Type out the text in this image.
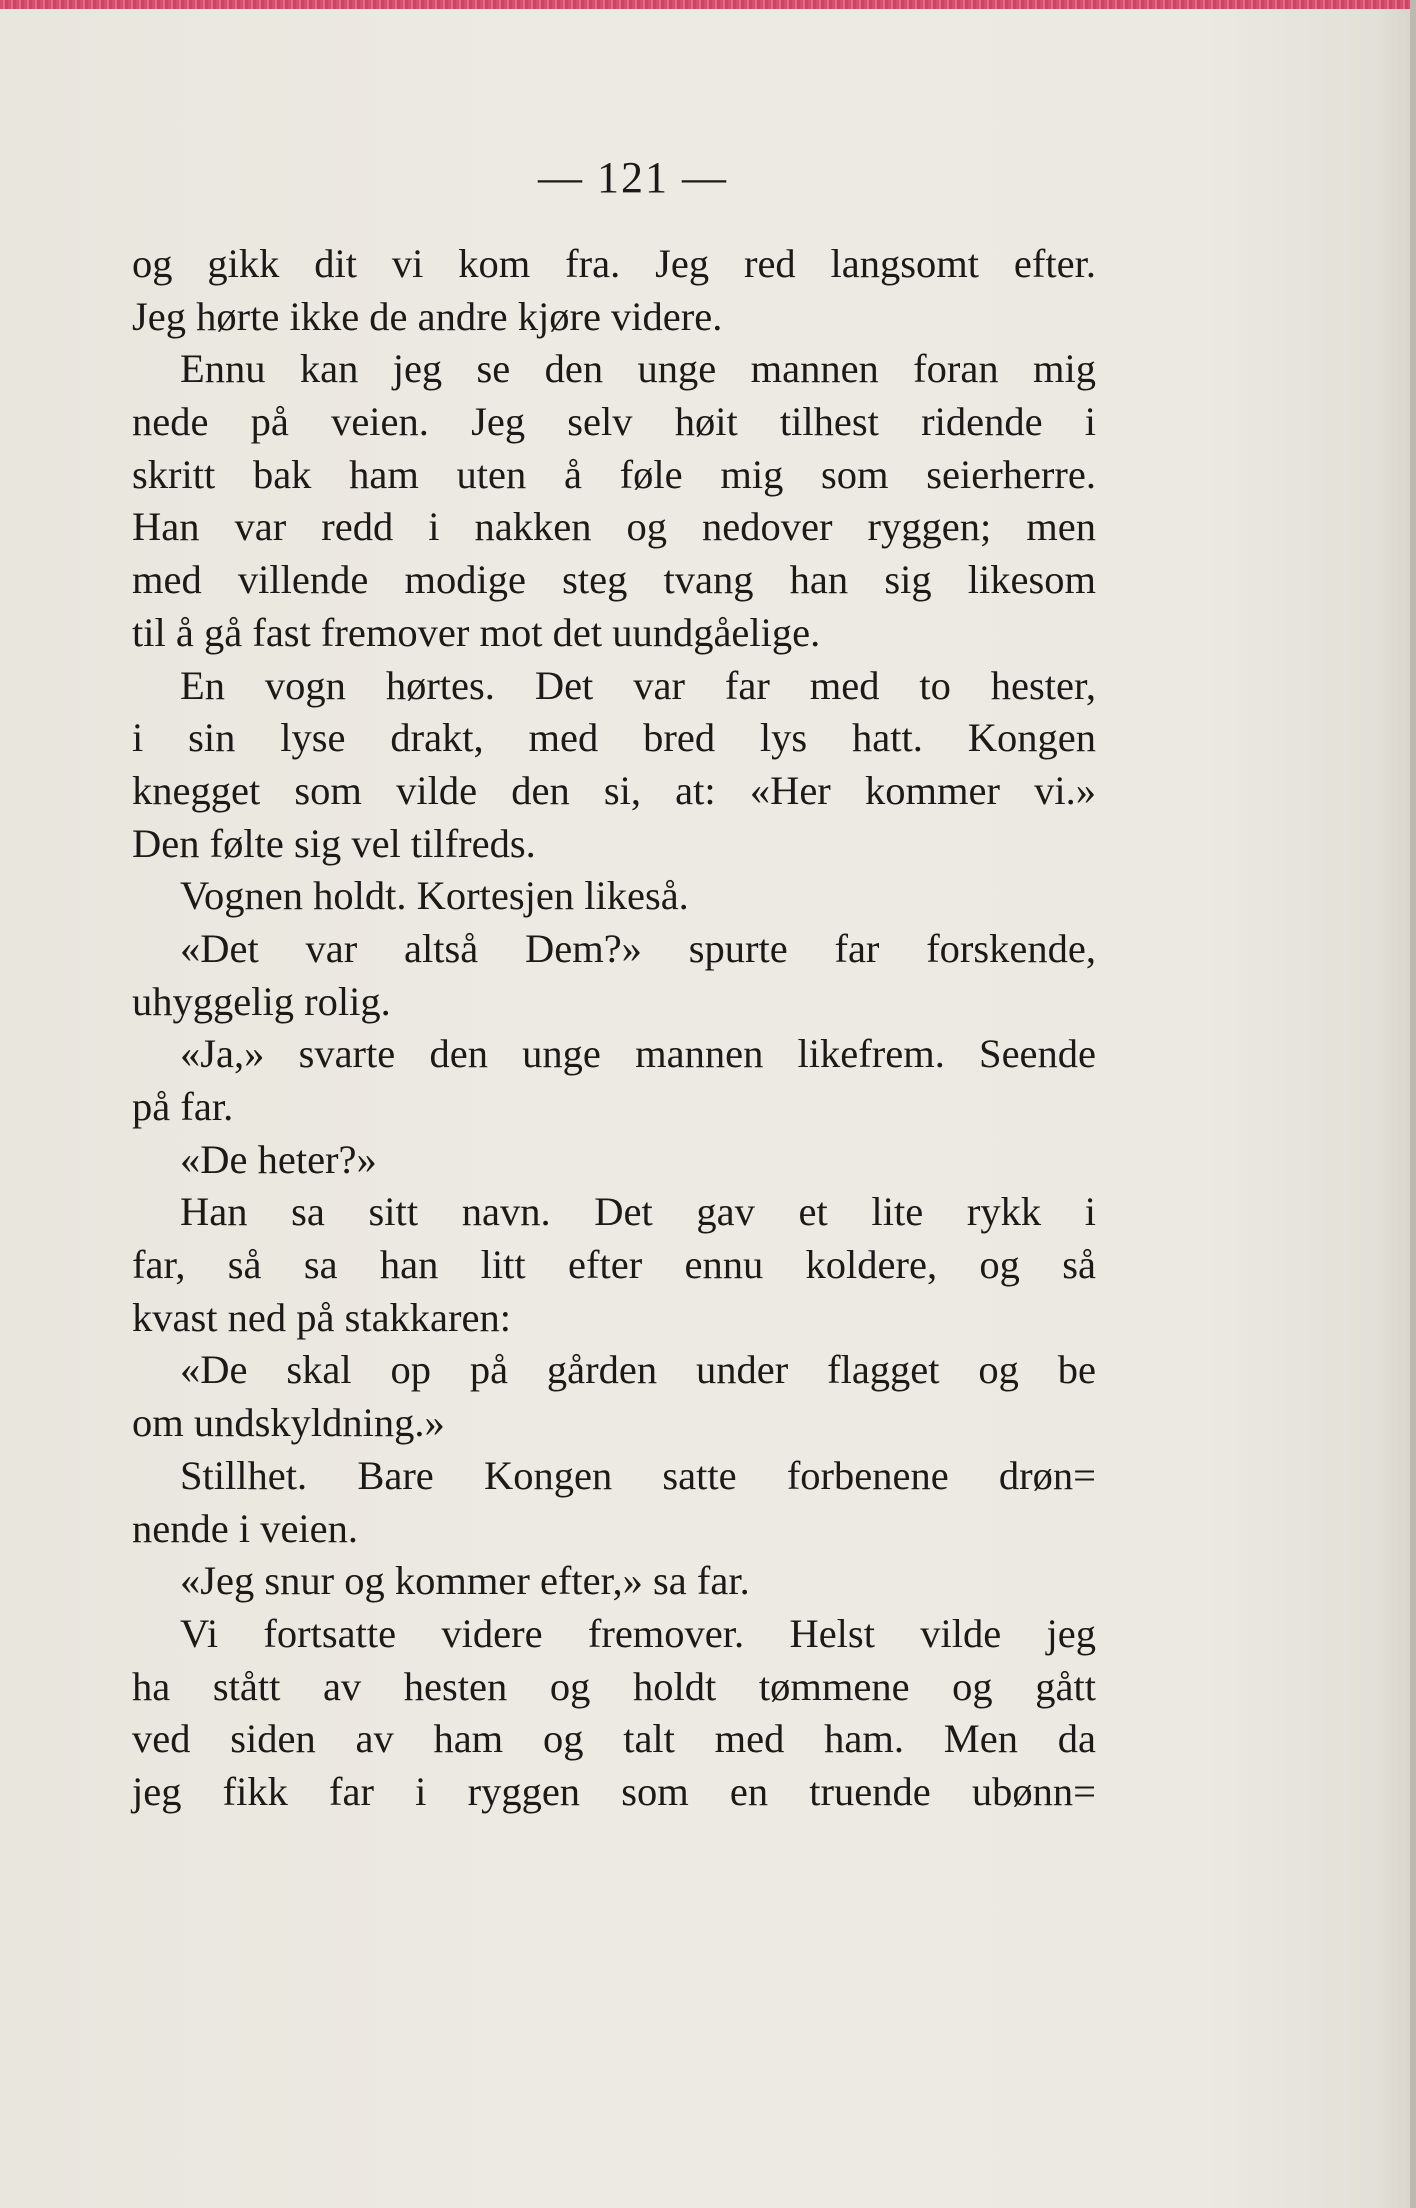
— 121 —
og gikk dit vi kom fra. Jeg red langsomt efter.
Jeg hørte ikke de andre kjøre videre.
Ennu kan jeg se den unge mannen foran mig
nede på veien. Jeg selv høit tilhest ridende i
skritt bak ham uten å føle mig som seierherre.
Han var redd i nakken og nedover ryggen; men
med villende modige steg tvang han sig likesom
til å gå fast fremover mot det uundgåelige.
En vogn hørtes. Det var far med to hester,
i sin lyse drakt, med bred lys hatt. Kongen
knegget som vilde den si, at: «Her kommer vi.»
Den følte sig vel tilfreds.
Vognen holdt. Kortesjen likeså.
«Det var altså Dem?» spurte far forskende,
uhyggelig rolig.
«Ja,» svarte den unge mannen likefrem. Seende
på far.
«De heter?»
Han sa sitt navn. Det gav et lite rykk i
far, så sa han litt efter ennu koldere, og så
kvast ned på stakkaren:
«De skal op på gården under flagget og be
om undskyldning.»
Stillhet. Bare Kongen satte forbenene drøn=
nende i veien.
«Jeg snur og kommer efter,» sa far.
Vi fortsatte videre fremover. Helst vilde jeg
ha stått av hesten og holdt tømmene og gått
ved siden av ham og talt med ham. Men da
jeg fikk far i ryggen som en truende ubønn=
